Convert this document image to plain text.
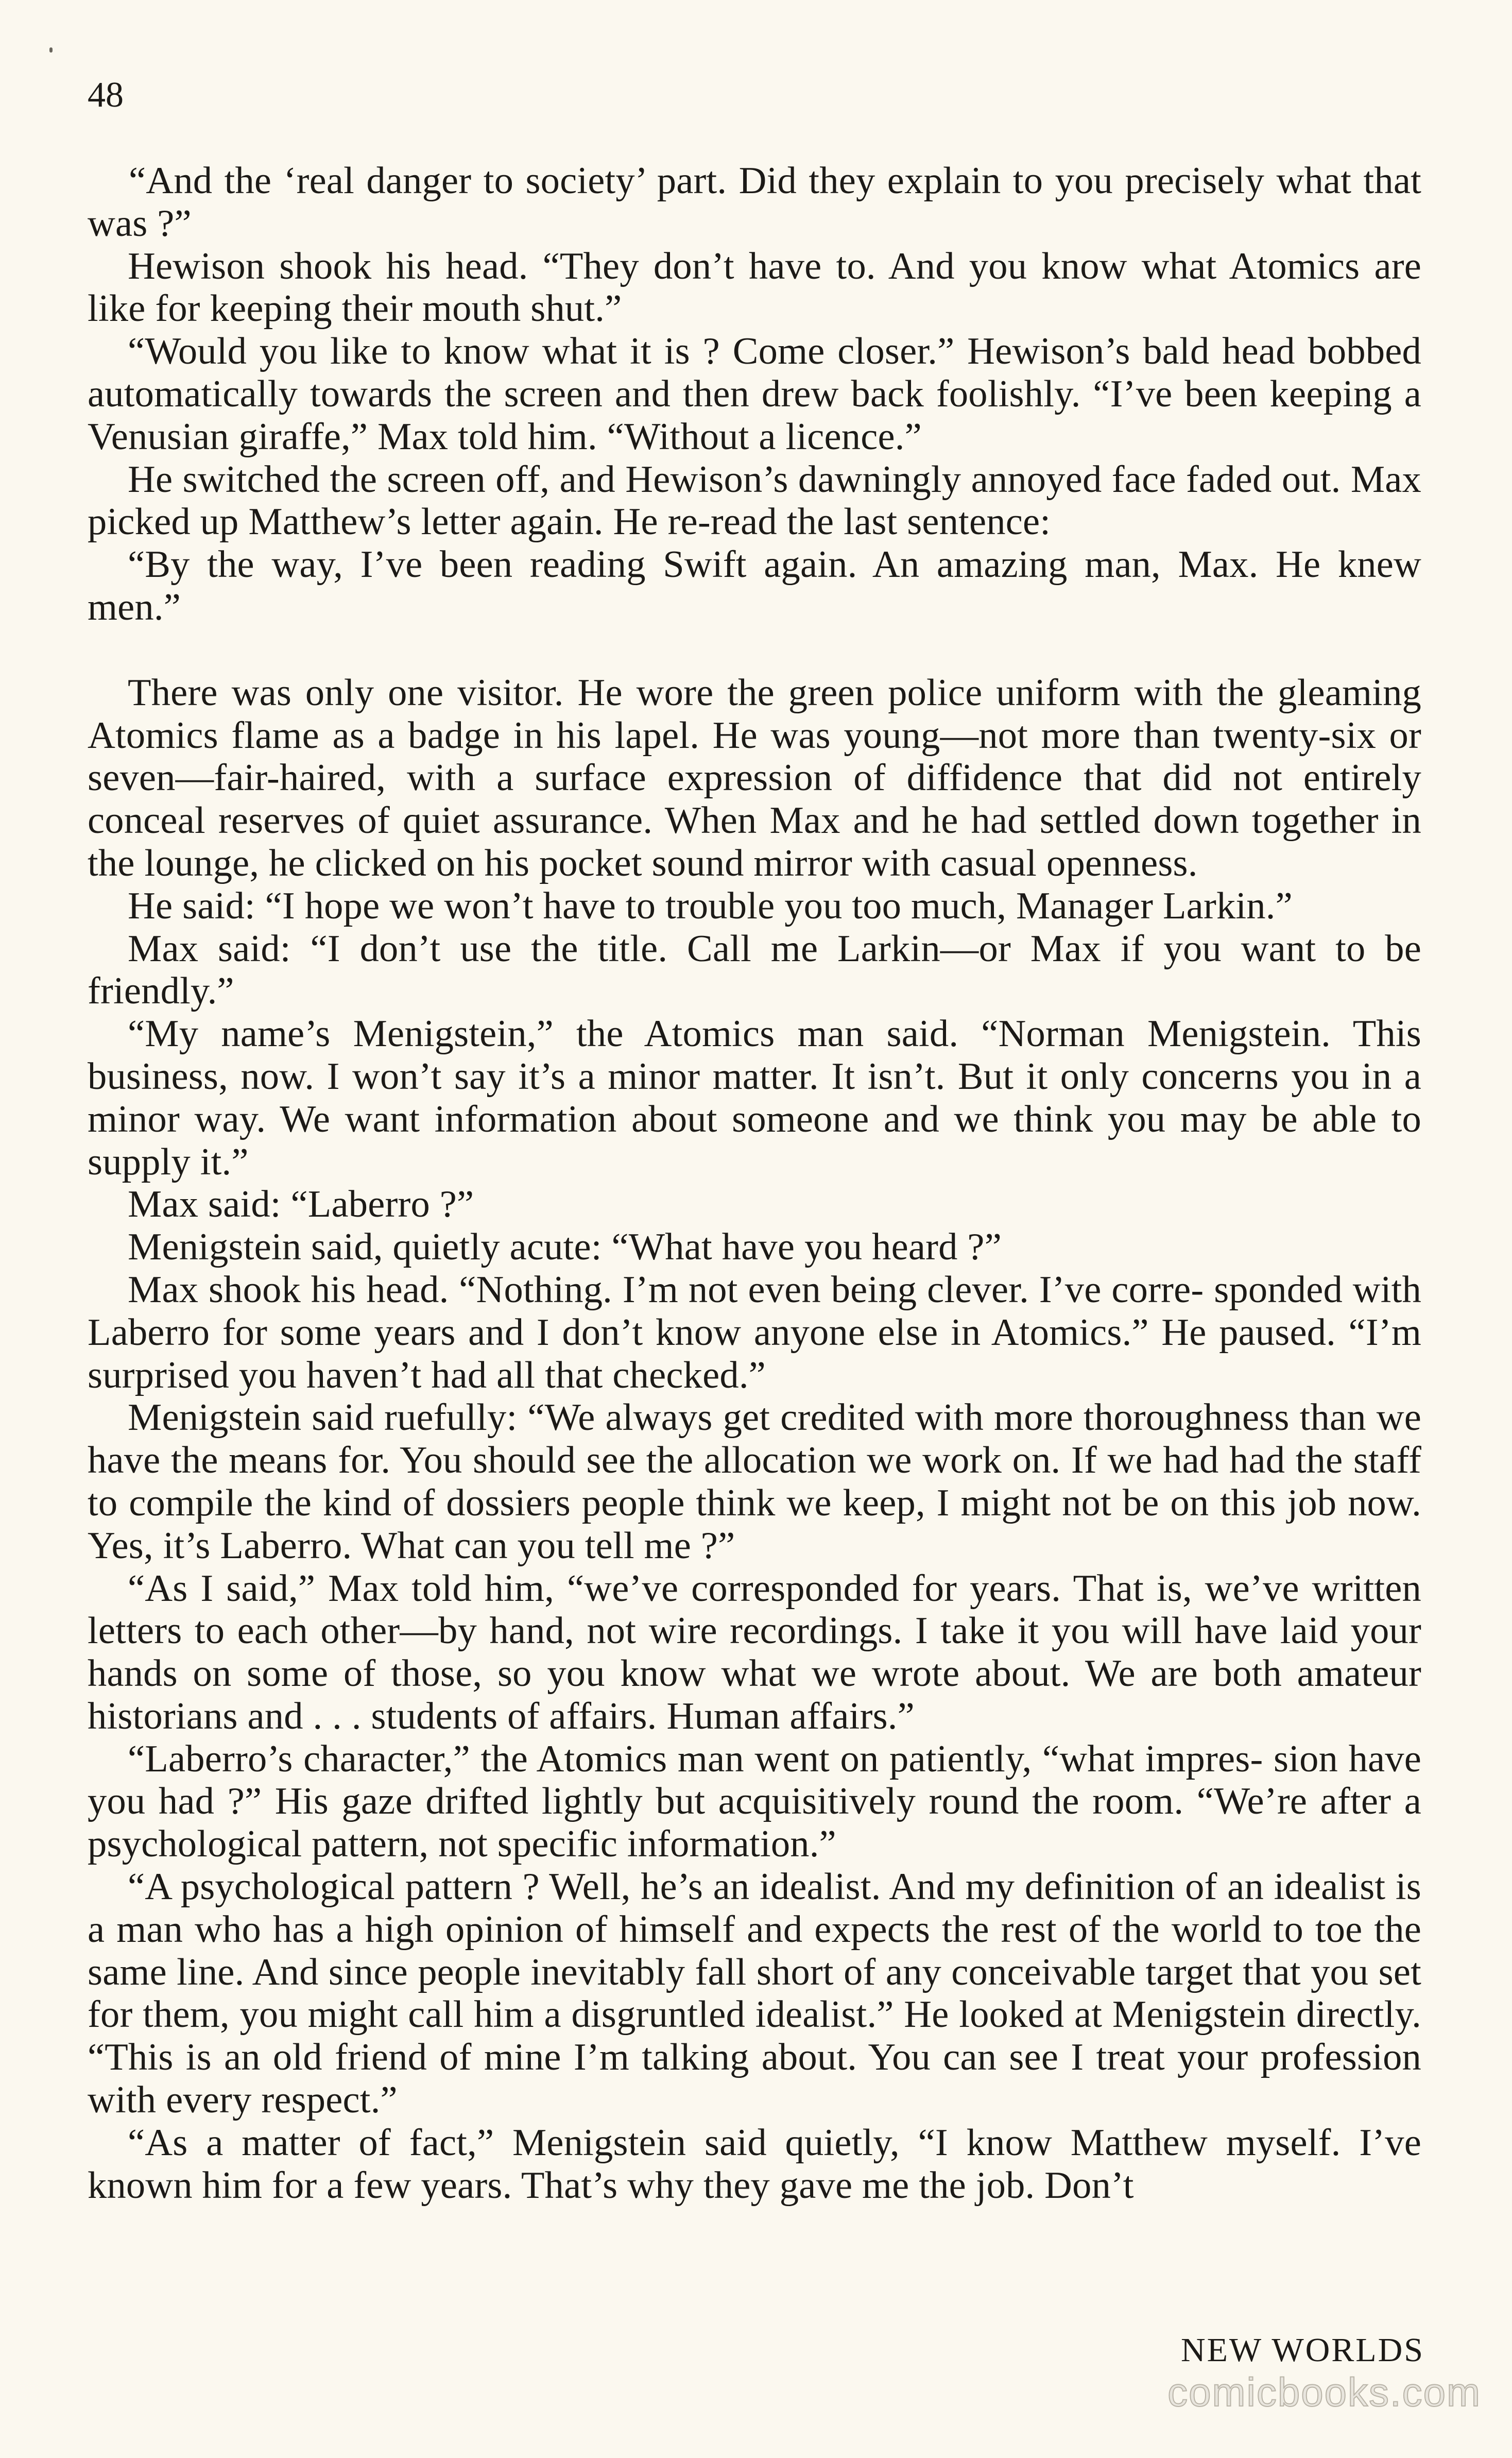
48

“And the ‘real danger to society’ part. Did they explain to you precisely what that was ?”

Hewison shook his head. “They don’t have to. And you know what Atomics are like for keeping their mouth shut.”

“Would you like to know what it is ? Come closer.” Hewison’s bald head bobbed automatically towards the screen and then drew back foolishly. “I’ve been keeping a Venusian giraffe,” Max told him. “Without a licence.”

He switched the screen off, and Hewison’s dawningly annoyed face faded out. Max picked up Matthew’s letter again. He re-read the last sentence:

“By the way, I’ve been reading Swift again. An amazing man, Max. He knew men.”

There was only one visitor. He wore the green police uniform with the gleaming Atomics flame as a badge in his lapel. He was young—not more than twenty-six or seven—fair-haired, with a surface expression of diffidence that did not entirely conceal reserves of quiet assurance. When Max and he had settled down together in the lounge, he clicked on his pocket sound mirror with casual openness.

He said: “I hope we won’t have to trouble you too much, Manager Larkin.”

Max said: “I don’t use the title. Call me Larkin—or Max if you want to be friendly.”

“My name’s Menigstein,” the Atomics man said. “Norman Menigstein. This business, now. I won’t say it’s a minor matter. It isn’t. But it only concerns you in a minor way. We want information about someone and we think you may be able to supply it.”

Max said: “Laberro ?”

Menigstein said, quietly acute: “What have you heard ?”

Max shook his head. “Nothing. I’m not even being clever. I’ve corre- sponded with Laberro for some years and I don’t know anyone else in Atomics.” He paused. “I’m surprised you haven’t had all that checked.”

Menigstein said ruefully: “We always get credited with more thoroughness than we have the means for. You should see the allocation we work on. If we had had the staff to compile the kind of dossiers people think we keep, I might not be on this job now. Yes, it’s Laberro. What can you tell me ?”

“As I said,” Max told him, “we’ve corresponded for years. That is, we’ve written letters to each other—by hand, not wire recordings. I take it you will have laid your hands on some of those, so you know what we wrote about. We are both amateur historians and . . . students of affairs. Human affairs.”

“Laberro’s character,” the Atomics man went on patiently, “what impres- sion have you had ?” His gaze drifted lightly but acquisitively round the room. “We’re after a psychological pattern, not specific information.”

“A psychological pattern ? Well, he’s an idealist. And my definition of an idealist is a man who has a high opinion of himself and expects the rest of the world to toe the same line. And since people inevitably fall short of any conceivable target that you set for them, you might call him a disgruntled idealist.” He looked at Menigstein directly. “This is an old friend of mine I’m talking about. You can see I treat your profession with every respect.”

“As a matter of fact,” Menigstein said quietly, “I know Matthew myself. I’ve known him for a few years. That’s why they gave me the job. Don’t

NEW WORLDS
comicbooks.com
